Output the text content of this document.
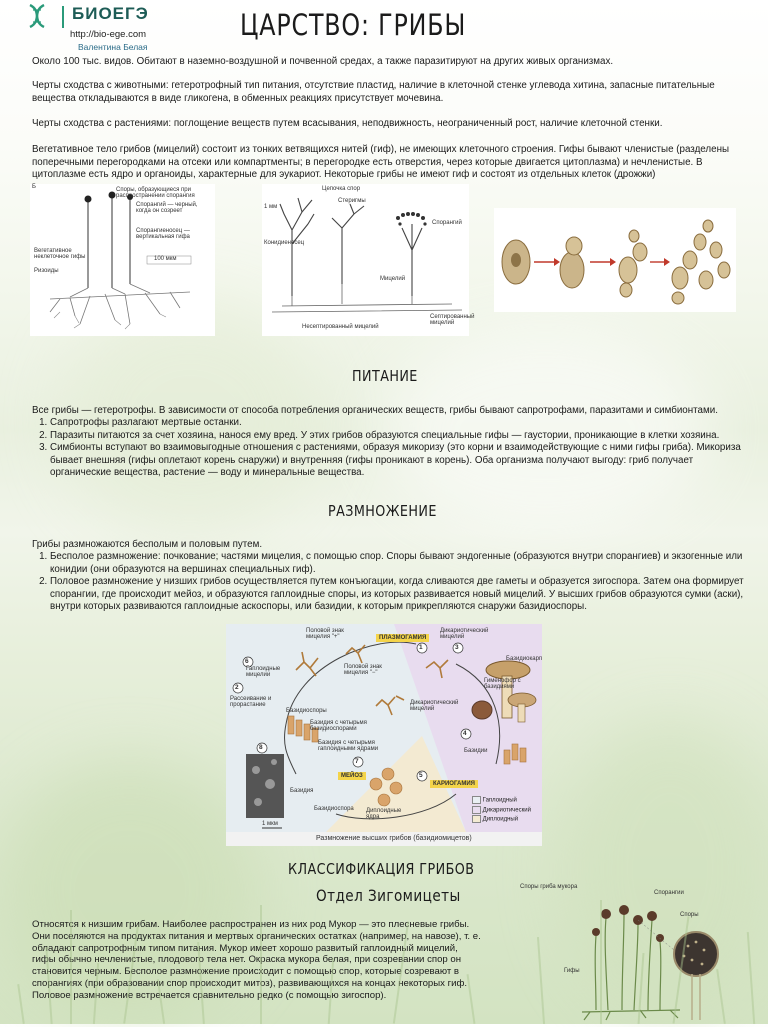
БИОЕГЭ
http://bio-ege.com
Валентина Белая
ЦАРСТВО: ГРИБЫ
Около 100 тыс. видов. Обитают в наземно-воздушной и почвенной средах, а также паразитируют на других живых организмах.
Черты сходства с животными: гетеротрофный тип питания, отсутствие пластид, наличие в клеточной стенке углевода хитина, запасные питательные вещества откладываются в виде гликогена, в обменных реакциях присутствует мочевина.
Черты сходства с растениями: поглощение веществ путем всасывания, неподвижность, неограниченный рост, наличие клеточной стенки.
Вегетативное тело грибов (мицелий) состоит из тонких ветвящихся нитей (гиф), не имеющих клеточного строения. Гифы бывают членистые (разделены поперечными перегородками на отсеки или компартменты; в перегородке есть отверстия, через которые двигается цитоплазма) и нечленистые. В цитоплазме есть ядро и органоиды, характерные для эукариот. Некоторые грибы не имеют гиф и состоят из отдельных клеток (дрожжи)
Б	Споры, образующиеся при распространении спорангия
Спорангий — черный, когда он созреет
Спорангиеносец — вертикальная гифа
Вегетативное неклеточное гифы
Ризоиды
100 мкм
Цепочка спор
Стеригмы
1 мм
Спорангий
Конидиеносец
Мицелий
Септированный мицелий
Несептированный мицелий
ПИТАНИЕ
Все грибы — гетеротрофы. В зависимости от способа потребления органических веществ, грибы бывают сапротрофами, паразитами и симбионтами.
1. Сапротрофы разлагают мертвые останки.
2. Паразиты питаются за счет хозяина, нанося ему вред. У этих грибов образуются специальные гифы — гаустории, проникающие в клетки хозяина.
3. Симбионты вступают во взаимовыгодные отношения с растениями, образуя микоризу (это корни и взаимодействующие с ними гифы гриба). Микориза бывает внешняя (гифы оплетают корень снаружи) и внутренняя (гифы проникают в корень). Оба организма получают выгоду: гриб получает органические вещества, растение — воду и минеральные вещества.
РАЗМНОЖЕНИЕ
Грибы размножаются бесполым и половым путем.
1. Бесполое размножение: почкование; частями мицелия, с помощью спор. Споры бывают эндогенные (образуются внутри спорангиев) и экзогенные или конидии (они образуются на вершинах специальных гиф).
2. Половое размножение у низших грибов осуществляется путем конъюгации, когда сливаются две гаметы и образуется зигоспора. Затем она формирует спорангии, где происходит мейоз, и образуются гаплоидные споры, из которых развивается новый мицелий. У высших грибов образуются сумки (аски), внутри которых развиваются гаплоидные аскоспоры, или базидии, к которым прикрепляются снаружи базидиоспоры.
6
1	3
4
5
7
8
2
Половой знак мицелия "+"	ПЛАЗМОГАМИЯ
Дикариотический мицелий
Базидиокарп
Половой знак мицелия "−"
Гаплоидные мицелии
Гименофор с базидиями
Дикариотический мицелий
Рассеивание и прорастание
Базидиоспоры
Базидия с четырьмя базидиоспорами
Базидия с четырьмя гаплоидными ядрами	Базидии
МЕЙОЗ
Базидия
Базидиоспора Диплоидные ядра
КАРИОГАМИЯ
1 мкм
Гаплоидный
Дикариотический
Диплоидный
Размножение высших грибов (базидиомицетов)
КЛАССИФИКАЦИЯ ГРИБОВ
Отдел Зигомицеты
Относятся к низшим грибам. Наиболее распространен из них род Мукор — это плесневые грибы. Они поселяются на продуктах питания и мертвых органических остатках (например, на навозе), т. е. обладают сапротрофным типом питания. Мукор имеет хорошо развитый гаплоидный мицелий, гифы обычно нечленистые, плодового тела нет. Окраска мукора белая, при созревании спор он становится черным. Бесполое размножение происходит с помощью спор, которые созревают в спорангиях (при образовании спор происходит митоз), развивающихся на концах некоторых гиф. Половое размножение встречается сравнительно редко (с помощью зигоспор).
Споры гриба мукора
Спорангии
Споры
Гифы
